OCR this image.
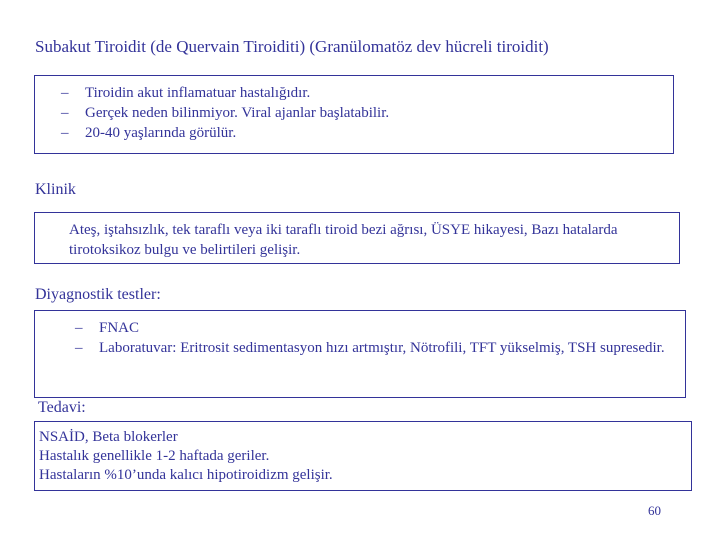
Subakut Tiroidit (de Quervain Tiroiditi) (Granülomatöz dev hücreli tiroidit)
– Tiroidin akut inflamatuar hastalığıdır.
– Gerçek neden bilinmiyor. Viral ajanlar başlatabilir.
– 20-40 yaşlarında görülür.
Klinik
Ateş, iştahsızlık, tek taraflı veya iki taraflı tiroid bezi ağrısı, ÜSYE hikayesi, Bazı hatalarda tirotoksikoz bulgu ve belirtileri gelişir.
Diyagnostik testler:
– FNAC
– Laboratuvar: Eritrosit sedimentasyon hızı artmıştır, Nötrofili, TFT yükselmiş, TSH supresedir.
Tedavi:
NSAİD, Beta blokerler
Hastalık genellikle 1-2 haftada geriler.
Hastaların %10’unda kalıcı hipotiroidizm gelişir.
60
